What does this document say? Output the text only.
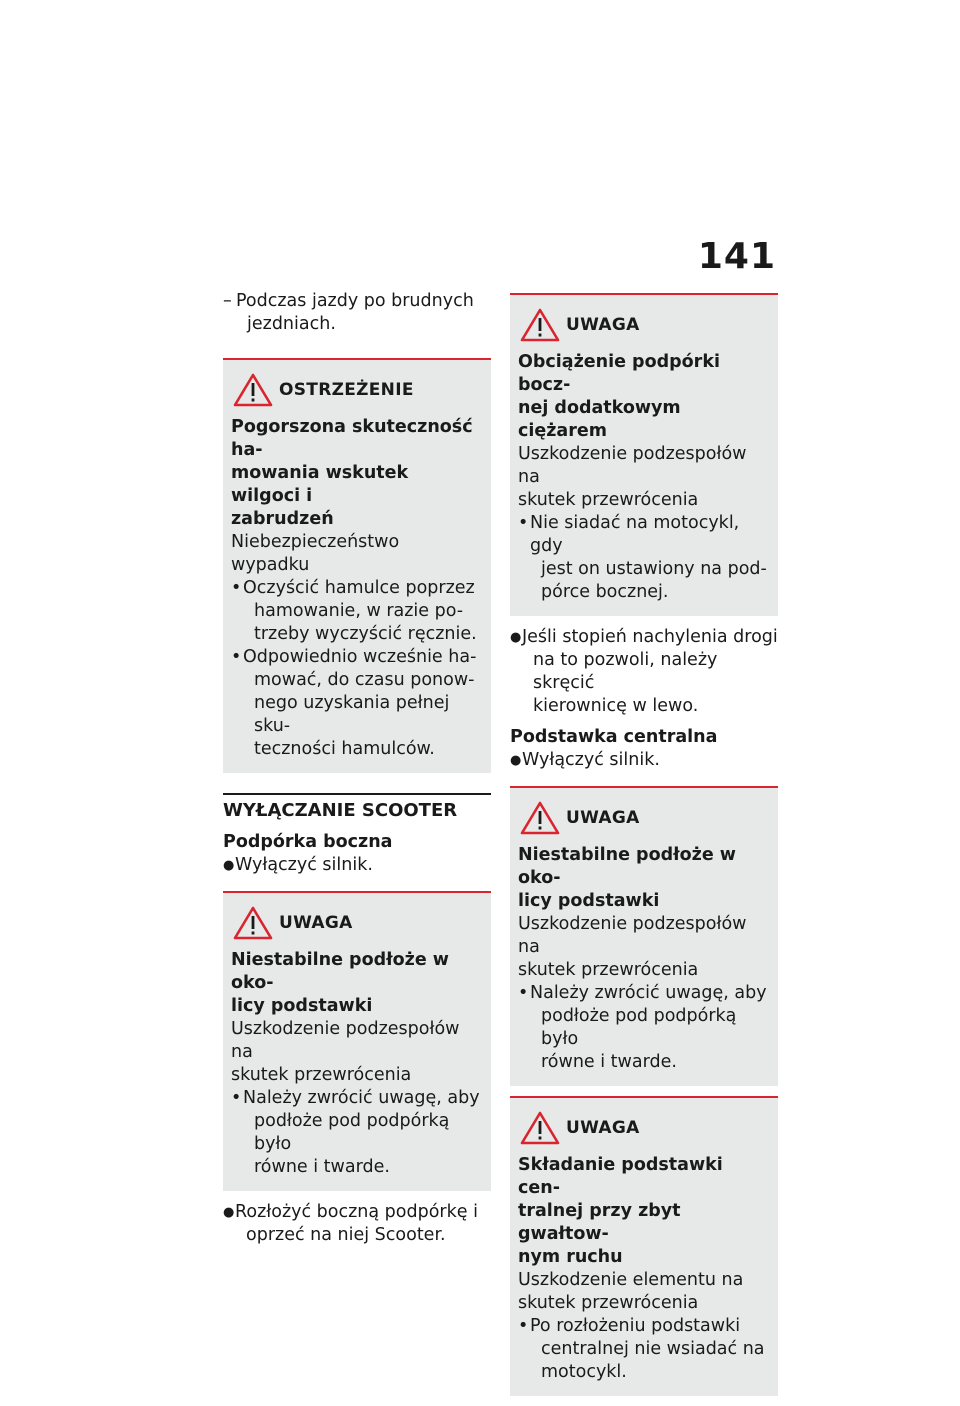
141
– Podczas jazdy po brudnych
jezdniach.
OSTRZEŻENIE
Pogorszona skuteczność ha-
mowania wskutek wilgoci i
zabrudzeń
Niebezpieczeństwo wypadku
• Oczyścić hamulce poprzez
hamowanie, w razie po-
trzeby wyczyścić ręcznie.
• Odpowiednio wcześnie ha-
mować, do czasu ponow-
nego uzyskania pełnej sku-
teczności hamulców.
WYŁĄCZANIE SCOOTER
Podpórka boczna
● Wyłączyć silnik.
UWAGA
Niestabilne podłoże w oko-
licy podstawki
Uszkodzenie podzespołów na
skutek przewrócenia
• Należy zwrócić uwagę, aby
podłoże pod podpórką było
równe i twarde.
● Rozłożyć boczną podpórkę i
oprzeć na niej Scooter.
UWAGA
Obciążenie podpórki bocz-
nej dodatkowym ciężarem
Uszkodzenie podzespołów na
skutek przewrócenia
• Nie siadać na motocykl, gdy
jest on ustawiony na pod-
pórce bocznej.
● Jeśli stopień nachylenia drogi
na to pozwoli, należy skręcić
kierownicę w lewo.
Podstawka centralna
● Wyłączyć silnik.
UWAGA
Niestabilne podłoże w oko-
licy podstawki
Uszkodzenie podzespołów na
skutek przewrócenia
• Należy zwrócić uwagę, aby
podłoże pod podpórką było
równe i twarde.
UWAGA
Składanie podstawki cen-
tralnej przy zbyt gwałtow-
nym ruchu
Uszkodzenie elementu na
skutek przewrócenia
• Po rozłożeniu podstawki
centralnej nie wsiadać na
motocykl.
